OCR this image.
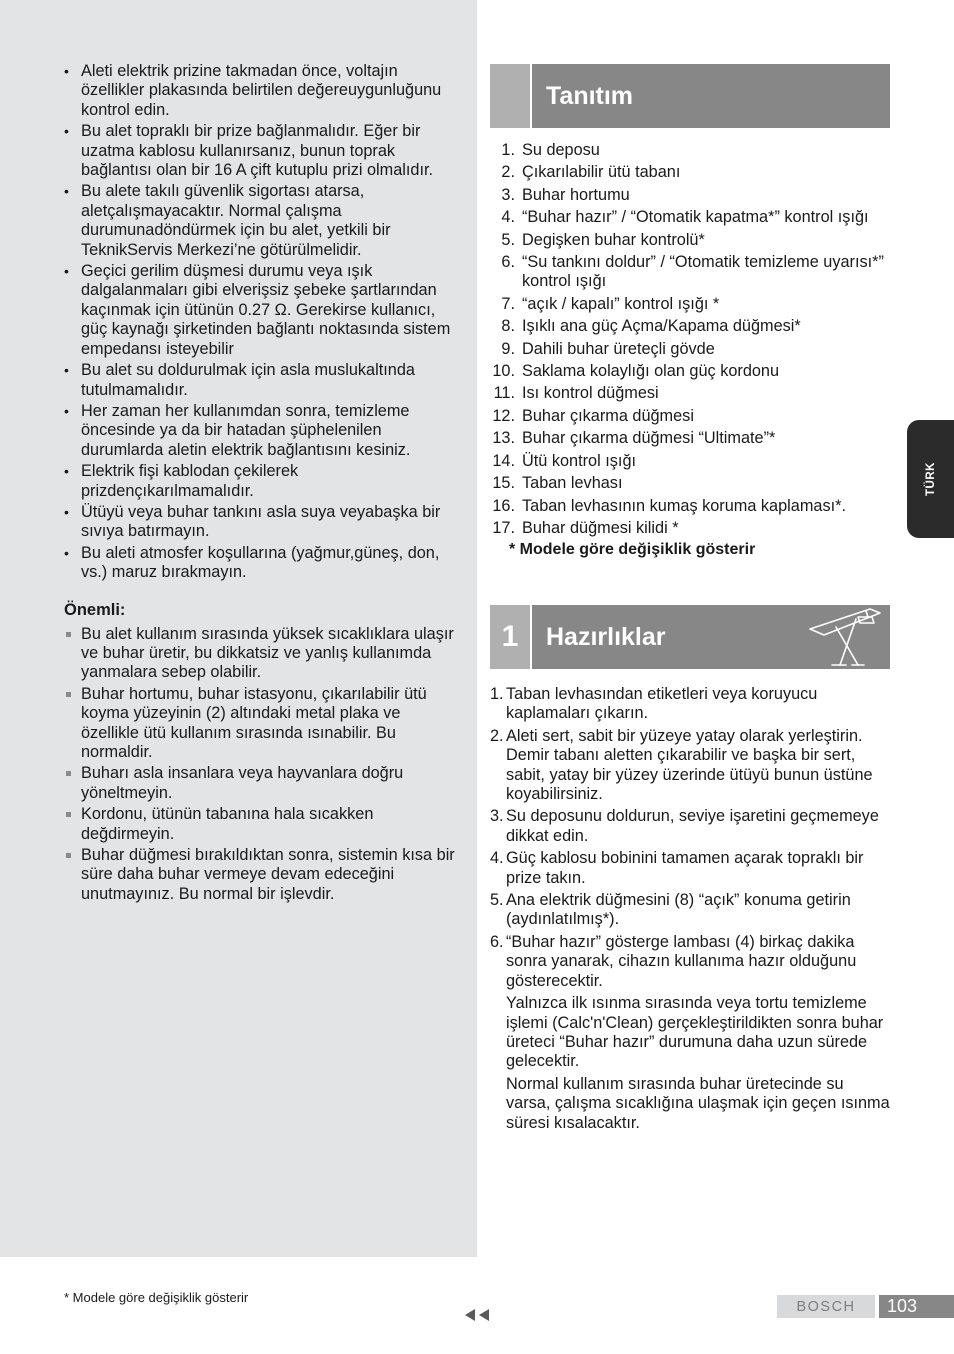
• Aleti elektrik prizine takmadan önce, voltajın özellikler plakasında belirtilen değereuygunluğunu kontrol edin.
• Bu alet topraklı bir prize bağlanmalıdır. Eğer bir uzatma kablosu kullanırsanız, bunun toprak bağlantısı olan bir 16 A çift kutuplu prizi olmalıdır.
• Bu alete takılı güvenlik sigortası atarsa, aletçalışmayacaktır. Normal çalışma durumunadöndürmek için bu alet, yetkili bir TeknikServis Merkezi’ne götürülmelidir.
• Geçici gerilim düşmesi durumu veya ışık dalgalanmaları gibi elverişsiz şebeke şartlarından kaçınmak için ütünün 0.27 Ω. Gerekirse kullanıcı, güç kaynağı şirketinden bağlantı noktasında sistem empedansı isteyebilir
• Bu alet su doldurulmak için asla muslukaltında tutulmamalıdır.
• Her zaman her kullanımdan sonra, temizleme öncesinde ya da bir hatadan şüphelenilen durumlarda aletin elektrik bağlantısını kesiniz.
• Elektrik fişi kablodan çekilerek prizdençıkarılmamalıdır.
• Ütüyü veya buhar tankını asla suya veyabaşka bir sıvıya batırmayın.
• Bu aleti atmosfer koşullarına (yağmur,güneş, don, vs.) maruz bırakmayın.
Önemli:
Bu alet kullanım sırasında yüksek sıcaklıklara ulaşır ve buhar üretir, bu dikkatsiz ve yanlış kullanımda yanmalara sebep olabilir.
Buhar hortumu, buhar istasyonu, çıkarılabilir ütü koyma yüzeyinin (2) altındaki metal plaka ve özellikle ütü kullanım sırasında ısınabilir. Bu normaldir.
Buharı asla insanlara veya hayvanlara doğru yöneltmeyin.
Kordonu, ütünün tabanına hala sıcakken değdirmeyin.
Buhar düğmesi bırakıldıktan sonra, sistemin kısa bir süre daha buhar vermeye devam edeceğini unutmayınız. Bu normal bir işlevdir.
Tanıtım
1. Su deposu
2. Çıkarılabilir ütü tabanı
3. Buhar hortumu
4. “Buhar hazır” / “Otomatik kapatma*” kontrol ışığı
5. Degişken buhar kontrolü*
6. “Su tankını doldur” / “Otomatik temizleme uyarısı*” kontrol ışığı
7. “açık / kapalı” kontrol ışığı *
8. Işıklı ana güç Açma/Kapama düğmesi*
9. Dahili buhar üreteçli gövde
10. Saklama kolaylığı olan güç kordonu
11. Isı kontrol düğmesi
12. Buhar çıkarma düğmesi
13. Buhar çıkarma düğmesi “Ultimate”*
14. Ütü kontrol ışığı
15. Taban levhası
16. Taban levhasının kumaş koruma kaplaması*.
17. Buhar düğmesi kilidi *
* Modele göre değişiklik gösterir
1	Hazırlıklar
1. Taban levhasından etiketleri veya koruyucu kaplamaları çıkarın.

2. Aleti sert, sabit bir yüzeye yatay olarak yerleştirin. Demir tabanı aletten çıkarabilir ve başka bir sert, sabit, yatay bir yüzey üzerinde ütüyü bunun üstüne koyabilirsiniz.

3. Su deposunu doldurun, seviye işaretini geçmemeye dikkat edin.

4. Güç kablosu bobinini tamamen açarak topraklı bir prize takın.

5. Ana elektrik düğmesini (8) “açık” konuma getirin (aydınlatılmış*).

6. “Buhar hazır” gösterge lambası (4) birkaç dakika sonra yanarak, cihazın kullanıma hazır olduğunu gösterecektir.

Yalnızca ilk ısınma sırasında veya tortu temizleme işlemi (Calc'n'Clean) gerçekleştirildikten sonra buhar üreteci “Buhar hazır” durumuna daha uzun sürede gelecektir.

Normal kullanım sırasında buhar üretecinde su varsa, çalışma sıcaklığına ulaşmak için geçen ısınma süresi kısalacaktır.

TÜRK
* Modele göre değişiklik gösterir
BOSCH	103
